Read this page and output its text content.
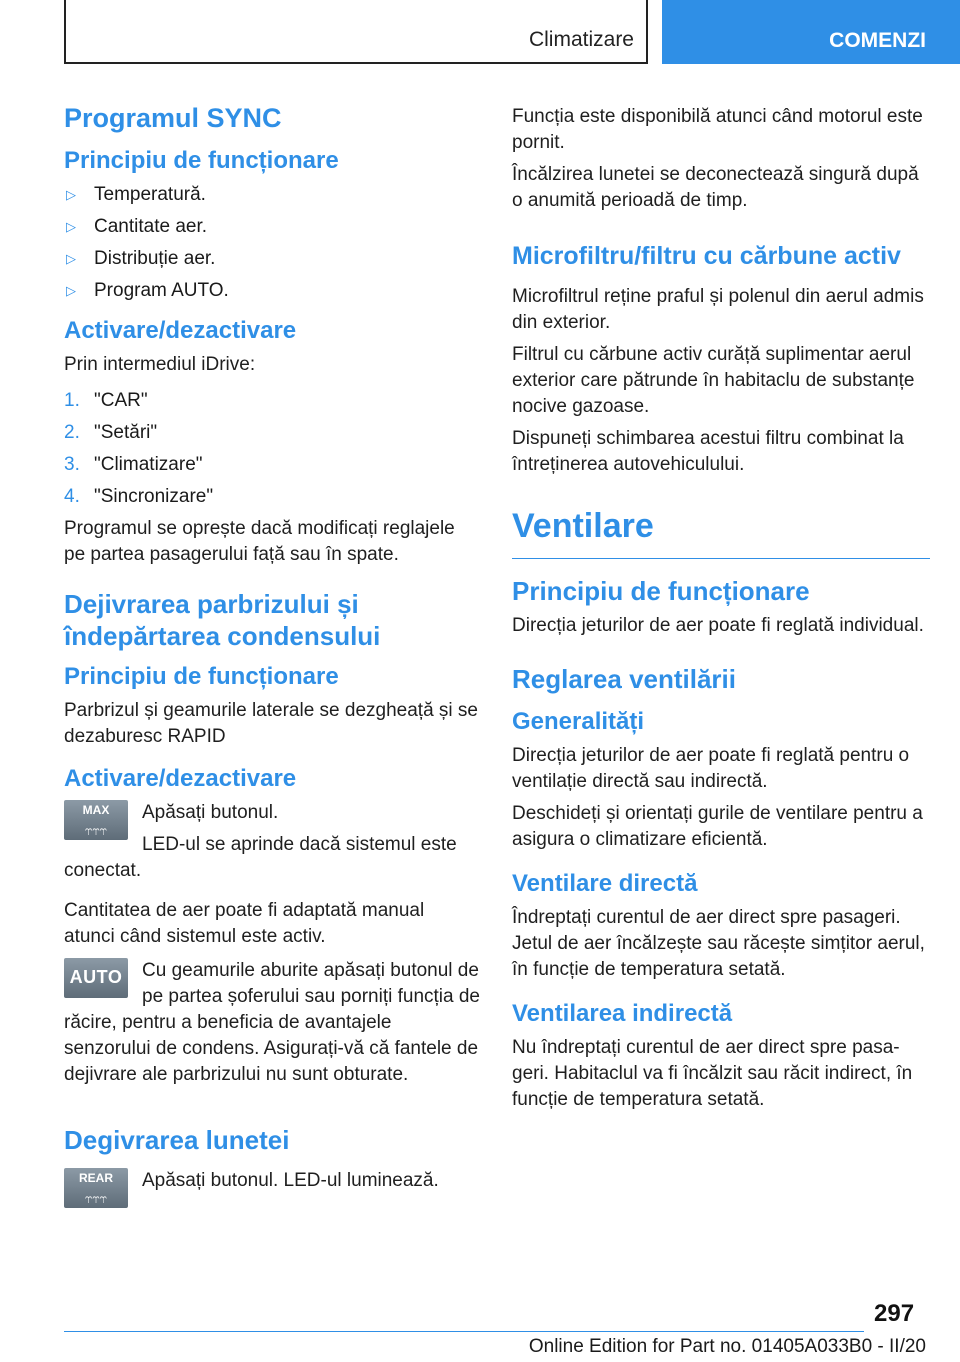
Climatizare	COMENZI
Programul SYNC
Principiu de funcționare
▷ Temperatură.
▷ Cantitate aer.
▷ Distribuție aer.
▷ Program AUTO.
Activare/dezactivare

Prin intermediul iDrive:

1. "CAR"
2. "Setări"
3. "Climatizare"
4. "Sincronizare"

Programul se oprește dacă modificați reglajele pe partea pasagerului față sau în spate.

Dejivrarea parbrizului și îndepărtarea condensului
Principiu de funcționare

Parbrizul și geamurile laterale se dezgheață și se dezaburesc RAPID

Activare/dezactivare
MAX
⥾⥾⥾

Apăsați butonul.

LED-ul se aprinde dacă sistemul este conectat.

Cantitatea de aer poate fi adaptată manual atunci când sistemul este activ.

AUTO	Cu geamurile aburite apăsați butonul de pe partea șoferului sau porniți funcția de răcire, pentru a beneficia de avantajele senzorului de condens. Asigurați-vă că fantele de dejivrare ale parbrizului nu sunt obturate.

Degivrarea lunetei
REAR
⥾⥾⥾

Apăsați butonul. LED-ul luminează.

Funcția este disponibilă atunci când motorul este pornit.

Încălzirea lunetei se deconectează singură după o anumită perioadă de timp.

Microfiltru/filtru cu cărbune activ

Microfiltrul reține praful și polenul din aerul admis din exterior.

Filtrul cu cărbune activ curăță suplimentar aerul exterior care pătrunde în habitaclu de substanțe nocive gazoase.

Dispuneți schimbarea acestui filtru combinat la întreținerea autovehiculului.

Ventilare
Principiu de funcționare

Direcția jeturilor de aer poate fi reglată individual.

Reglarea ventilării
Generalități

Direcția jeturilor de aer poate fi reglată pentru o ventilație directă sau indirectă.

Deschideți și orientați gurile de ventilare pentru a asigura o climatizare eficientă.

Ventilare directă

Îndreptați curentul de aer direct spre pasageri. Jetul de aer încălzește sau răcește simțitor aerul, în funcție de temperatura setată.

Ventilarea indirectă

Nu îndreptați curentul de aer direct spre pasageri. Habitaclul va fi încălzit sau răcit indirect, în funcție de temperatura setată.

297
Online Edition for Part no. 01405A033B0 - II/20
